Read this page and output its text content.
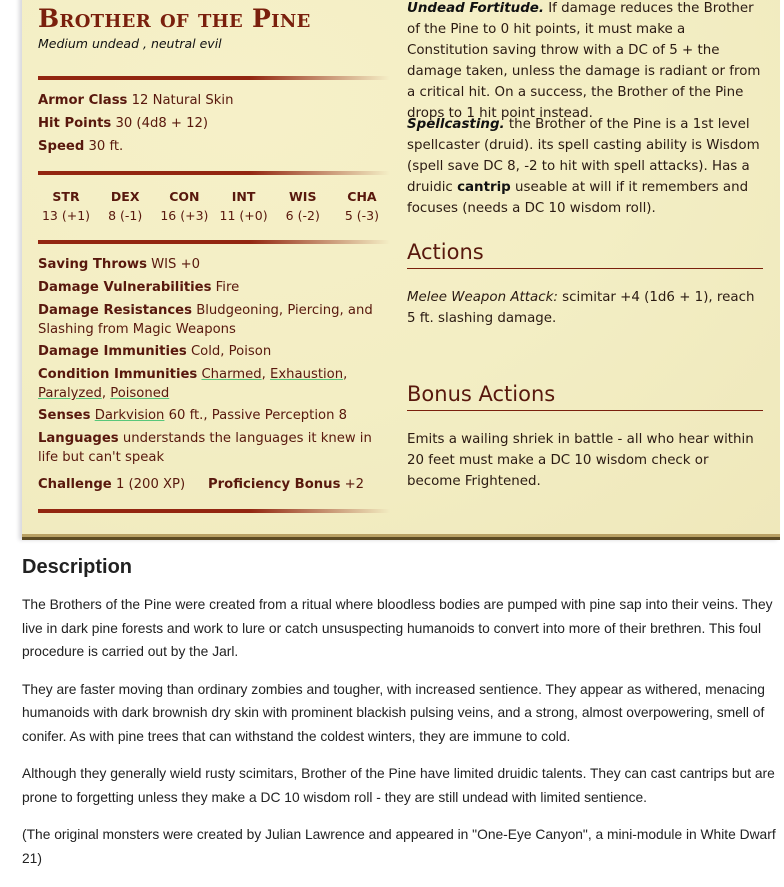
Brother of the Pine
Medium undead , neutral evil
Armor Class 12 Natural Skin
Hit Points 30 (4d8 + 12)
Speed 30 ft.
STR
13 (+1)
DEX
8 (-1)
CON
16 (+3)
INT
11 (+0)
WIS
6 (-2)
CHA
5 (-3)
Saving Throws WIS +0
Damage Vulnerabilities Fire
Damage Resistances Bludgeoning, Piercing, and Slashing from Magic Weapons
Damage Immunities Cold, Poison
Condition Immunities Charmed, Exhaustion, Paralyzed, Poisoned
Senses Darkvision 60 ft., Passive Perception 8
Languages understands the languages it knew in life but can't speak
Challenge 1 (200 XP) Proficiency Bonus +2
Undead Fortitude. If damage reduces the Brother of the Pine to 0 hit points, it must make a Constitution saving throw with a DC of 5 + the damage taken, unless the damage is radiant or from a critical hit. On a success, the Brother of the Pine drops to 1 hit point instead.
Spellcasting. the Brother of the Pine is a 1st level spellcaster (druid). its spell casting ability is Wisdom (spell save DC 8, -2 to hit with spell attacks). Has a druidic cantrip useable at will if it remembers and focuses (needs a DC 10 wisdom roll).
Actions
Melee Weapon Attack: scimitar +4 (1d6 + 1), reach 5 ft. slashing damage.
Bonus Actions
Emits a wailing shriek in battle - all who hear within 20 feet must make a DC 10 wisdom check or become Frightened.
Description

The Brothers of the Pine were created from a ritual where bloodless bodies are pumped with pine sap into their veins. They live in dark pine forests and work to lure or catch unsuspecting humanoids to convert into more of their brethren. This foul procedure is carried out by the Jarl.

They are faster moving than ordinary zombies and tougher, with increased sentience. They appear as withered, menacing humanoids with dark brownish dry skin with prominent blackish pulsing veins, and a strong, almost overpowering, smell of conifer. As with pine trees that can withstand the coldest winters, they are immune to cold.

Although they generally wield rusty scimitars, Brother of the Pine have limited druidic talents. They can cast cantrips but are prone to forgetting unless they make a DC 10 wisdom roll - they are still undead with limited sentience.

(The original monsters were created by Julian Lawrence and appeared in "One-Eye Canyon", a mini-module in White Dwarf 21)
